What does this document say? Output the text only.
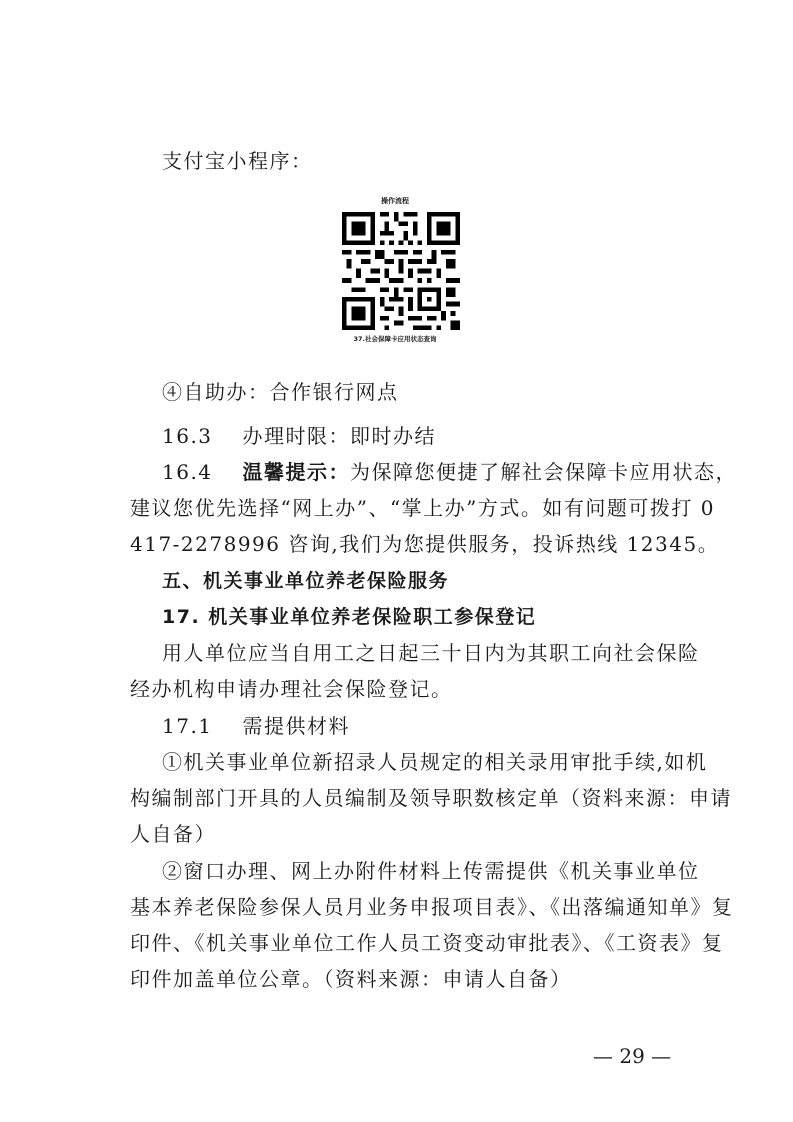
支付宝小程序：
操作流程
37.社会保障卡应用状态查询
④自助办：合作银行网点
16.3 办理时限：即时办结
16.4 温馨提示：为保障您便捷了解社会保障卡应用状态，
建议您优先选择“网上办”、“掌上办”方式。如有问题可拨打 0
417-2278996 咨询,我们为您提供服务，投诉热线 12345。
五、机关事业单位养老保险服务
17. 机关事业单位养老保险职工参保登记
用人单位应当自用工之日起三十日内为其职工向社会保险
经办机构申请办理社会保险登记。
17.1 需提供材料
①机关事业单位新招录人员规定的相关录用审批手续,如机
构编制部门开具的人员编制及领导职数核定单（资料来源：申请
人自备）
②窗口办理、网上办附件材料上传需提供《机关事业单位
基本养老保险参保人员月业务申报项目表》、《出落编通知单》复
印件、《机关事业单位工作人员工资变动审批表》、《工资表》复
印件加盖单位公章。（资料来源：申请人自备）
— 29 —
